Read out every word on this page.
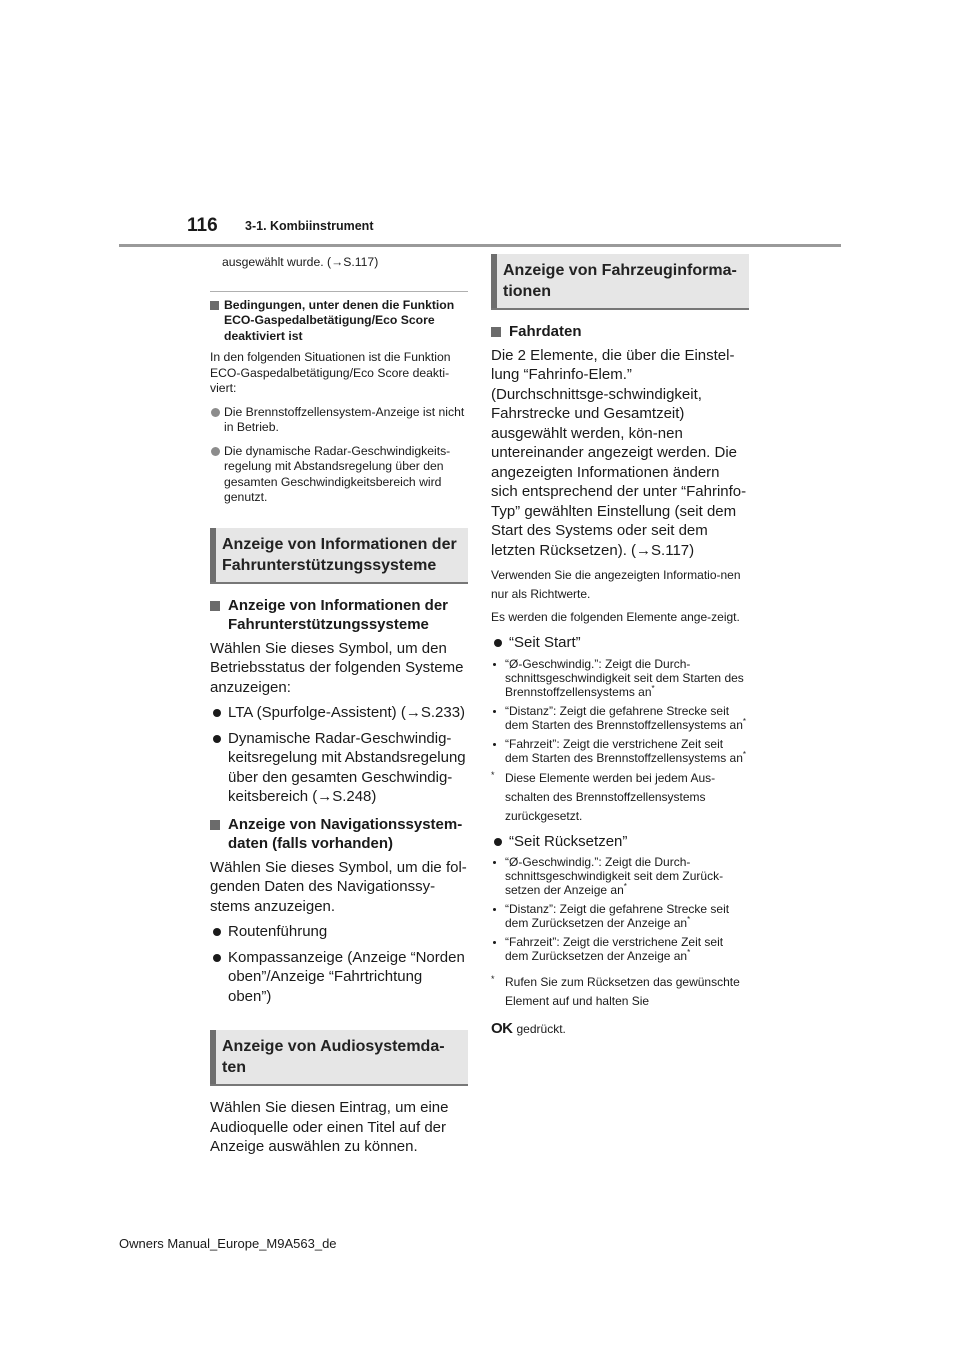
116 3-1. Kombiinstrument

ausgewählt wurde. (→S.117)

Bedingungen, unter denen die Funktion ECO-Gaspedalbetätigung/Eco Score deaktiviert ist

In den folgenden Situationen ist die Funktion ECO-Gaspedalbetätigung/Eco Score deakti-viert:

Die Brennstoffzellensystem-Anzeige ist nicht in Betrieb.

Die dynamische Radar-Geschwindigkeits-regelung mit Abstandsregelung über den gesamten Geschwindigkeitsbereich wird genutzt.

Anzeige von Informationen der Fahrunterstützungssysteme

Anzeige von Informationen der Fahrunterstützungssysteme

Wählen Sie dieses Symbol, um den Betriebsstatus der folgenden Systeme anzuzeigen:

LTA (Spurfolge-Assistent) (→S.233)

Dynamische Radar-Geschwindig-keitsregelung mit Abstandsregelung über den gesamten Geschwindig-keitsbereich (→S.248)

Anzeige von Navigationssystem-daten (falls vorhanden)

Wählen Sie dieses Symbol, um die fol-genden Daten des Navigationssy-stems anzuzeigen.

Routenführung

Kompassanzeige (Anzeige “Norden oben”/Anzeige “Fahrtrichtung oben”)

Anzeige von Audiosystemda-ten

Wählen Sie diesen Eintrag, um eine Audioquelle oder einen Titel auf der Anzeige auswählen zu können.

Anzeige von Fahrzeuginforma-tionen

Fahrdaten

Die 2 Elemente, die über die Einstel-lung “Fahrinfo-Elem.” (Durchschnittsge-schwindigkeit, Fahrstrecke und Gesamtzeit) ausgewählt werden, kön-nen untereinander angezeigt werden. Die angezeigten Informationen ändern sich entsprechend der unter “Fahrinfo-Typ” gewählten Einstellung (seit dem Start des Systems oder seit dem letzten Rücksetzen). (→S.117)

Verwenden Sie die angezeigten Informatio-nen nur als Richtwerte.

Es werden die folgenden Elemente ange-zeigt.

“Seit Start”

“Ø-Geschwindig.”: Zeigt die Durch-schnittsgeschwindigkeit seit dem Starten des Brennstoffzellensystems an*

“Distanz”: Zeigt die gefahrene Strecke seit dem Starten des Brennstoffzellensystems an*

“Fahrzeit”: Zeigt die verstrichene Zeit seit dem Starten des Brennstoffzellensystems an*

* Diese Elemente werden bei jedem Aus-schalten des Brennstoffzellensystems zurückgesetzt.

“Seit Rücksetzen”

“Ø-Geschwindig.”: Zeigt die Durch-schnittsgeschwindigkeit seit dem Zurück-setzen der Anzeige an*

“Distanz”: Zeigt die gefahrene Strecke seit dem Zurücksetzen der Anzeige an*

“Fahrzeit”: Zeigt die verstrichene Zeit seit dem Zurücksetzen der Anzeige an*

* Rufen Sie zum Rücksetzen das gewünschte Element auf und halten Sie

OK gedrückt.

Owners Manual_Europe_M9A563_de
